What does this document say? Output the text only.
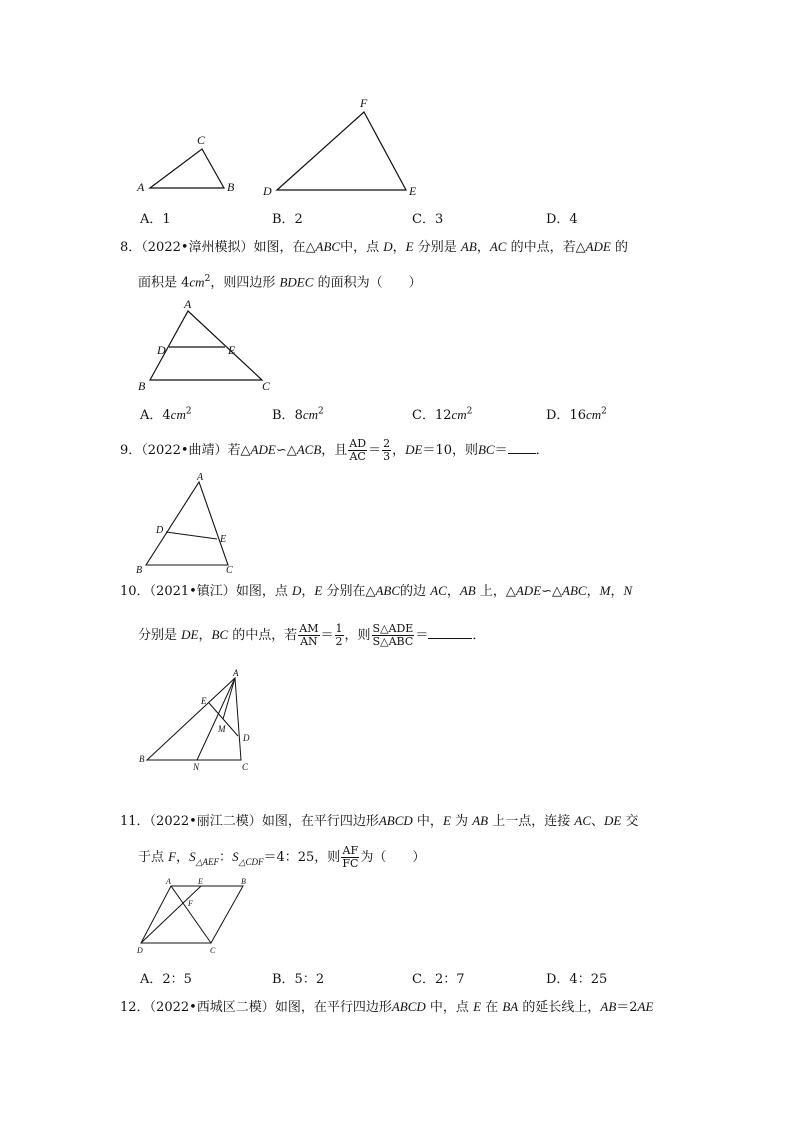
A
C
B D
F
E
A．1	B．2	C．3	D．4
8．（2022•漳州模拟）如图，在△ABC中，点 D，E 分别是 AB，AC 的中点，若△ADE 的
面积是 $4cm^2$，则四边形 BDEC 的面积为（　　）
A
D	E
B	C
A．$4cm^2$	B．$8cm^2$	C．$12cm^2$	D．$16cm^2$
9．（2022•曲靖）若△ADE∽△ACB，且 $\frac{AD}{AC} = \frac{2}{3}$ ，DE＝10，则BC＝ ．
A
D
E
B	C
10．（2021•镇江）如图，点 D，E 分别在△ABC的边 AC，AB 上，△ADE∽△ABC，M，N
分别是 DE，BC 的中点，若 $\frac{AM}{AN} = \frac{1}{2}$ ，则 $\frac{\text{S△ADE}}{\text{S△ABC}}$ ＝	．
A
E
M
D
B
N	C
11．（2022•丽江二模）如图，在平行四边形ABCD 中，E 为 AB 上一点，连接 AC、DE 交
于点 F，$S_{\triangle AEF}$：$S_{\triangle CDF}=4$：25，则 $\frac{AF}{FC}$ 为（　　）
A	E	B
F
D	C
A．2：5	B．5：2	C．2：7	D．4：25
12．（2022•西城区二模）如图，在平行四边形ABCD 中，点 E 在 BA 的延长线上，AB＝2AE
